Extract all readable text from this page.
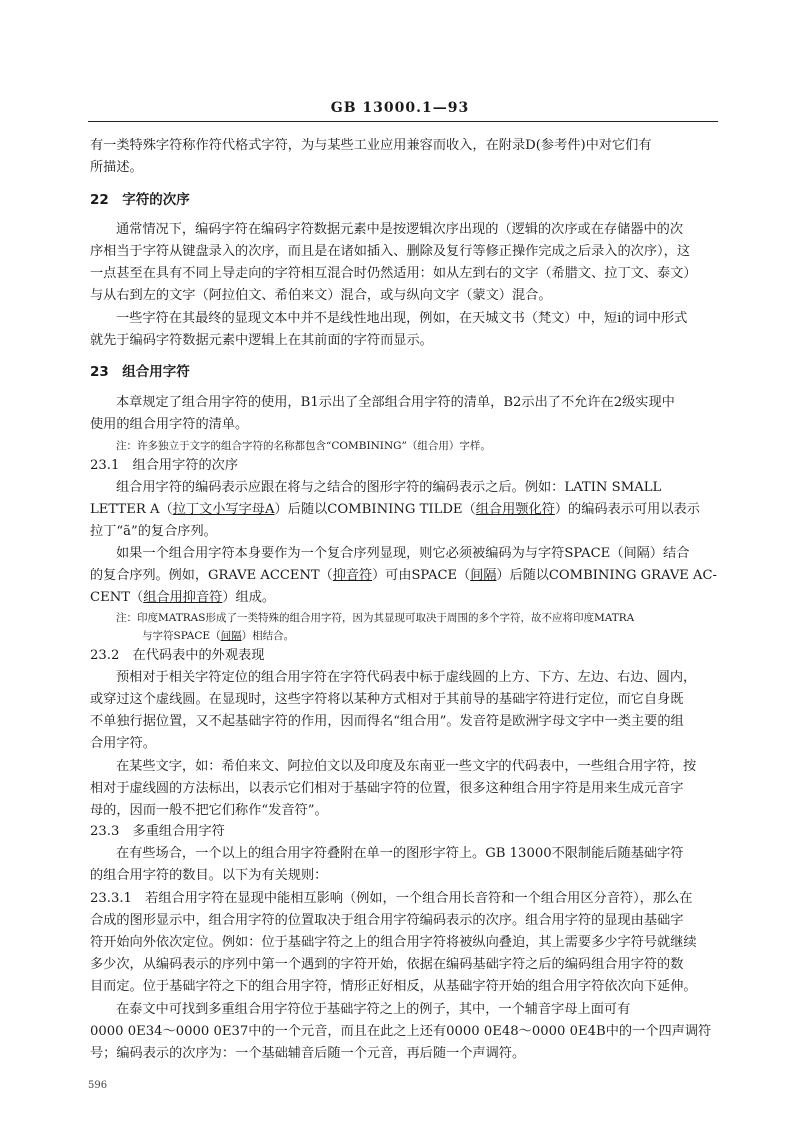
GB 13000.1—93
有一类特殊字符称作符代格式字符，为与某些工业应用兼容而收入，在附录D(参考件)中对它们有
所描述。
22　字符的次序
通常情况下，编码字符在编码字符数据元素中是按逻辑次序出现的（逻辑的次序或在存储器中的次
序相当于字符从键盘录入的次序，而且是在诸如插入、删除及复行等修正操作完成之后录入的次序），这
一点甚至在具有不同上导走向的字符相互混合时仍然适用：如从左到右的文字（希腊文、拉丁文、泰文）
与从右到左的文字（阿拉伯文、希伯来文）混合，或与纵向文字（蒙文）混合。
一些字符在其最终的显现文本中并不是线性地出现，例如，在天城文书（梵文）中，短i的词中形式
就先于编码字符数据元素中逻辑上在其前面的字符而显示。
23　组合用字符
本章规定了组合用字符的使用，B1示出了全部组合用字符的清单，B2示出了不允许在2级实现中
使用的组合用字符的清单。
注：许多独立于文字的组合字符的名称都包含“COMBINING”（组合用）字样。
23.1　组合用字符的次序
组合用字符的编码表示应跟在将与之结合的图形字符的编码表示之后。例如：LATIN SMALL
LETTER A（拉丁文小写字母A）后随以COMBINING TILDE（组合用颚化符）的编码表示可用以表示
拉丁“ã”的复合序列。
如果一个组合用字符本身要作为一个复合序列显现，则它必须被编码为与字符SPACE（间隔）结合
的复合序列。例如，GRAVE ACCENT（抑音符）可由SPACE（间隔）后随以COMBINING GRAVE AC-
CENT（组合用抑音符）组成。
注：印度MATRAS形成了一类特殊的组合用字符，因为其显现可取决于周围的多个字符，故不应将印度MATRA
与字符SPACE（间隔）相结合。
23.2　在代码表中的外观表现
预相对于相关字符定位的组合用字符在字符代码表中标于虚线圆的上方、下方、左边、右边、圆内，
或穿过这个虚线圆。在显现时，这些字符将以某种方式相对于其前导的基础字符进行定位，而它自身既
不单独行据位置，又不起基础字符的作用，因而得名“组合用”。发音符是欧洲字母文字中一类主要的组
合用字符。
在某些文字，如：希伯来文、阿拉伯文以及印度及东南亚一些文字的代码表中，一些组合用字符，按
相对于虚线圆的方法标出，以表示它们相对于基础字符的位置，很多这种组合用字符是用来生成元音字
母的，因而一般不把它们称作“发音符”。
23.3　多重组合用字符
在有些场合，一个以上的组合用字符叠附在单一的图形字符上。GB 13000不限制能后随基础字符
的组合用字符的数目。以下为有关规则：
23.3.1　若组合用字符在显现中能相互影响（例如，一个组合用长音符和一个组合用区分音符），那么在
合成的图形显示中，组合用字符的位置取决于组合用字符编码表示的次序。组合用字符的显现由基础字
符开始向外依次定位。例如：位于基础字符之上的组合用字符将被纵向叠迫，其上需要多少字符号就继续
多少次，从编码表示的序列中第一个遇到的字符开始，依据在编码基础字符之后的编码组合用字符的数
目而定。位于基础字符之下的组合用字符，情形正好相反，从基础字符开始的组合用字符依次向下延伸。
在泰文中可找到多重组合用字符位于基础字符之上的例子，其中，一个辅音字母上面可有
0000 0E34～0000 0E37中的一个元音，而且在此之上还有0000 0E48～0000 0E4B中的一个四声调符
号；编码表示的次序为：一个基础辅音后随一个元音，再后随一个声调符。
596
